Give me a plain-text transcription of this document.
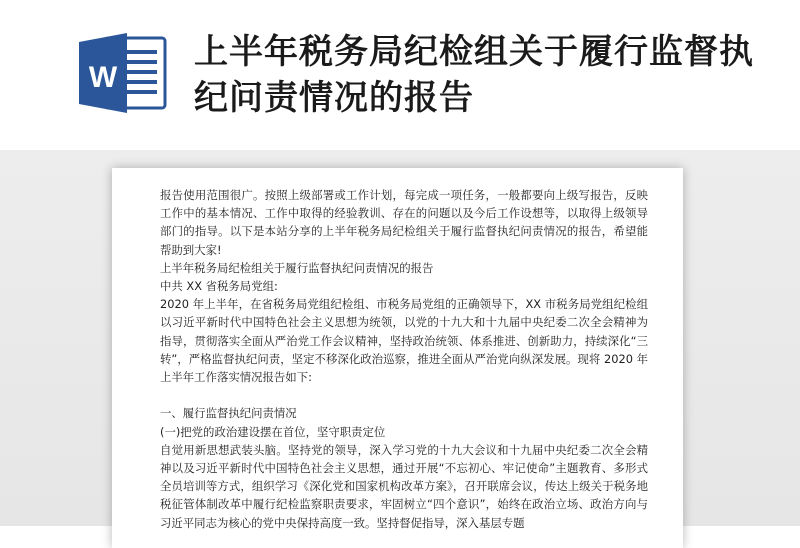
W
上半年税务局纪检组关于履行监督执纪问责情况的报告

报告使用范围很广。按照上级部署或工作计划，每完成一项任务，一般都要向上级写报告，反映工作中的基本情况、工作中取得的经验教训、存在的问题以及今后工作设想等，以取得上级领导部门的指导。以下是本站分享的上半年税务局纪检组关于履行监督执纪问责情况的报告，希望能帮助到大家!

上半年税务局纪检组关于履行监督执纪问责情况的报告

中共 XX 省税务局党组:

2020 年上半年，在省税务局党组纪检组、市税务局党组的正确领导下，XX 市税务局党组纪检组以习近平新时代中国特色社会主义思想为统领，以党的十九大和十九届中央纪委二次全会精神为指导，贯彻落实全面从严治党工作会议精神，坚持政治统领、体系推进、创新助力，持续深化“三转”，严格监督执纪问责，坚定不移深化政治巡察，推进全面从严治党向纵深发展。现将 2020 年上半年工作落实情况报告如下:

一、履行监督执纪问责情况

(一)把党的政治建设摆在首位，坚守职责定位

自觉用新思想武装头脑。坚持党的领导，深入学习党的十九大会议和十九届中央纪委二次全会精神以及习近平新时代中国特色社会主义思想，通过开展“不忘初心、牢记使命”主题教育、多形式全员培训等方式，组织学习《深化党和国家机构改革方案》，召开联席会议，传达上级关于税务地税征管体制改革中履行纪检监察职责要求，牢固树立“四个意识”，始终在政治立场、政治方向与习近平同志为核心的党中央保持高度一致。坚持督促指导，深入基层专题
